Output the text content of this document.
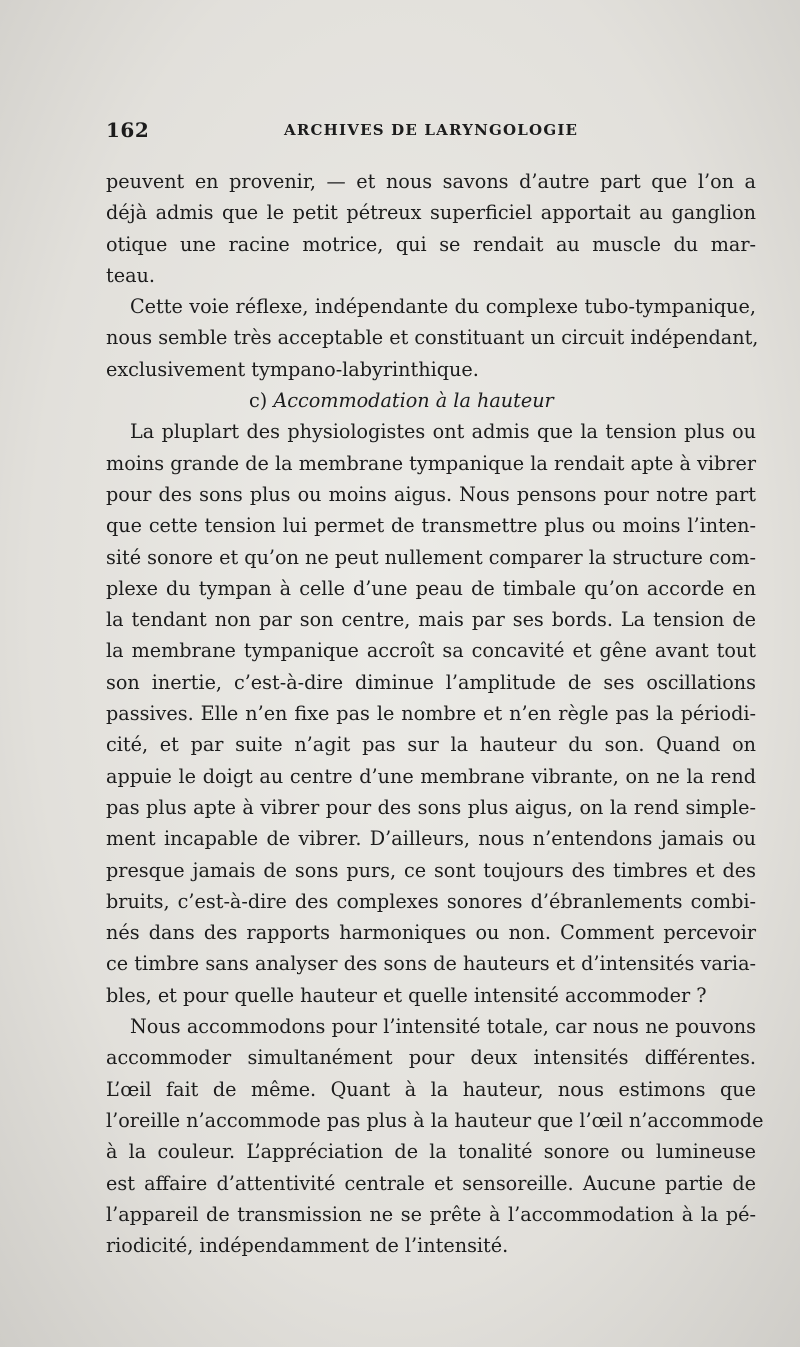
162	ARCHIVES DE LARYNGOLOGIE
peuvent en provenir, — et nous savons d’autre part que l’on a
déjà admis que le petit pétreux superficiel apportait au ganglion
otique une racine motrice, qui se rendait au muscle du mar-
teau.
Cette voie réflexe, indépendante du complexe tubo-tympanique,
nous semble très acceptable et constituant un circuit indépendant,
exclusivement tympano-labyrinthique.
c) Accommodation à la hauteur
La pluplart des physiologistes ont admis que la tension plus ou
moins grande de la membrane tympanique la rendait apte à vibrer
pour des sons plus ou moins aigus. Nous pensons pour notre part
que cette tension lui permet de transmettre plus ou moins l’inten-
sité sonore et qu’on ne peut nullement comparer la structure com-
plexe du tympan à celle d’une peau de timbale qu’on accorde en
la tendant non par son centre, mais par ses bords. La tension de
la membrane tympanique accroît sa concavité et gêne avant tout
son inertie, c’est-à-dire diminue l’amplitude de ses oscillations
passives. Elle n’en fixe pas le nombre et n’en règle pas la périodi-
cité, et par suite n’agit pas sur la hauteur du son. Quand on
appuie le doigt au centre d’une membrane vibrante, on ne la rend
pas plus apte à vibrer pour des sons plus aigus, on la rend simple-
ment incapable de vibrer. D’ailleurs, nous n’entendons jamais ou
presque jamais de sons purs, ce sont toujours des timbres et des
bruits, c’est-à-dire des complexes sonores d’ébranlements combi-
nés dans des rapports harmoniques ou non. Comment percevoir
ce timbre sans analyser des sons de hauteurs et d’intensités varia-
bles, et pour quelle hauteur et quelle intensité accommoder ?
Nous accommodons pour l’intensité totale, car nous ne pouvons
accommoder simultanément pour deux intensités différentes.
L’œil fait de même. Quant à la hauteur, nous estimons que
l’oreille n’accommode pas plus à la hauteur que l’œil n’accommode
à la couleur. L’appréciation de la tonalité sonore ou lumineuse
est affaire d’attentivité centrale et sensoreille. Aucune partie de
l’appareil de transmission ne se prête à l’accommodation à la pé-
riodicité, indépendamment de l’intensité.
